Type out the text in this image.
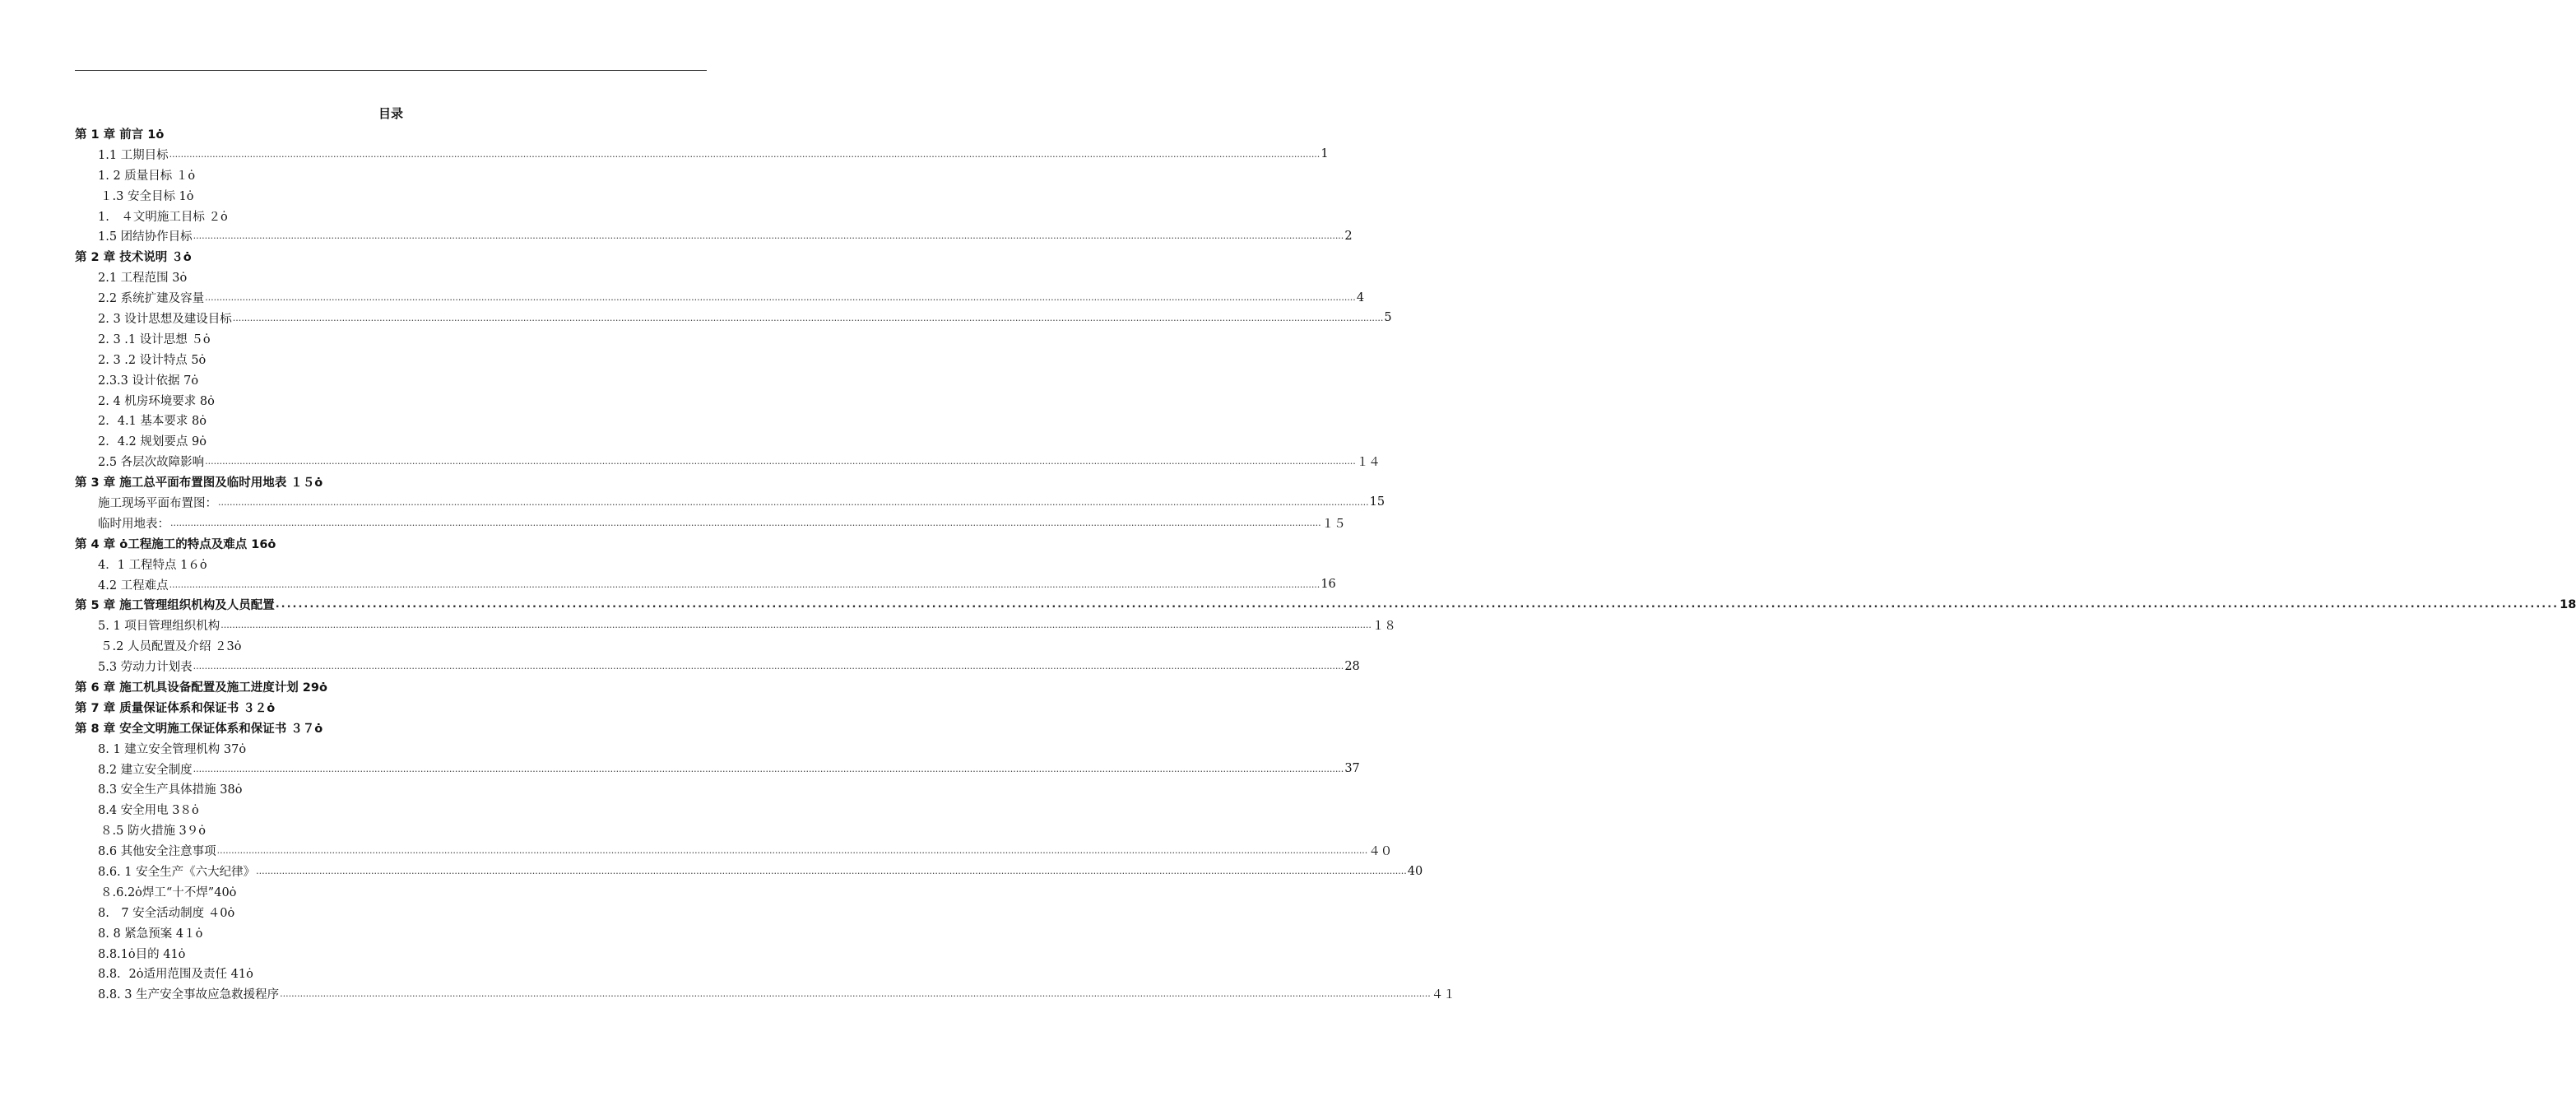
目录
第 1 章 前言 1ȯ
1.1 工期目标 ................................................................................................................................................................................................................................................................................................................................................................................................................ 1
1. 2 质量目标 １ȯ
１.3 安全目标 1ȯ
1.　４文明施工目标 ２ȯ
1.5 团结协作目标 ................................................................................................................................................................................................................................................................................................................................................................................................................ 2
第 2 章 技术说明 ３ȯ
2.1 工程范围 3ȯ
2.2 系统扩建及容量 ................................................................................................................................................................................................................................................................................................................................................................................................................ 4
2. 3 设计思想及建设目标 ................................................................................................................................................................................................................................................................................................................................................................................................................ 5
2. 3 .1 设计思想 ５ȯ
2. 3 .2 设计特点 5ȯ
2.3.3 设计依据 7ȯ
2. 4 机房环境要求 8ȯ
2．4.1 基本要求 8ȯ
2．4.2 规划要点 9ȯ
2.5 各层次故障影响 ................................................................................................................................................................................................................................................................................................................................................................................................................ １４
第 3 章 施工总平面布置图及临时用地表 １５ȯ
施工现场平面布置图： ................................................................................................................................................................................................................................................................................................................................................................................................................ 15
临时用地表： ................................................................................................................................................................................................................................................................................................................................................................................................................ １５
第 4 章 ȯ工程施工的特点及难点 16ȯ
4．1 工程特点 1６ȯ
4.2 工程难点 ................................................................................................................................................................................................................................................................................................................................................................................................................ 16
第 5 章 施工管理组织机构及人员配置 ................................................................................................................................................................................................................................................................................................................................................................................................................ 18
5. 1 项目管理组织机构 ................................................................................................................................................................................................................................................................................................................................................................................................................ １８
５.2 人员配置及介绍 ２3ȯ
5.3 劳动力计划表 ................................................................................................................................................................................................................................................................................................................................................................................................................ 28
第 6 章 施工机具设备配置及施工进度计划 29ȯ
第 7 章 质量保证体系和保证书 ３２ȯ
第 8 章 安全文明施工保证体系和保证书 ３７ȯ
8. 1 建立安全管理机构 37ȯ
8.2 建立安全制度 ................................................................................................................................................................................................................................................................................................................................................................................................................ 37
8.3 安全生产具体措施 38ȯ
8.4 安全用电 3８ȯ
８.5 防火措施 3９ȯ
8.6 其他安全注意事项 ................................................................................................................................................................................................................................................................................................................................................................................................................ ４０
8.6. 1 安全生产《六大纪律》 ................................................................................................................................................................................................................................................................................................................................................................................................................ 40
８.6.2ȯ焊工“十不焊”40ȯ
8.　7 安全活动制度 ４0ȯ
8. 8 紧急预案 4１ȯ
8.8.1ȯ目的 41ȯ
8.8．2ȯ适用范围及责任 41ȯ
8.8. 3 生产安全事故应急救援程序 ................................................................................................................................................................................................................................................................................................................................................................................................................ ４１
